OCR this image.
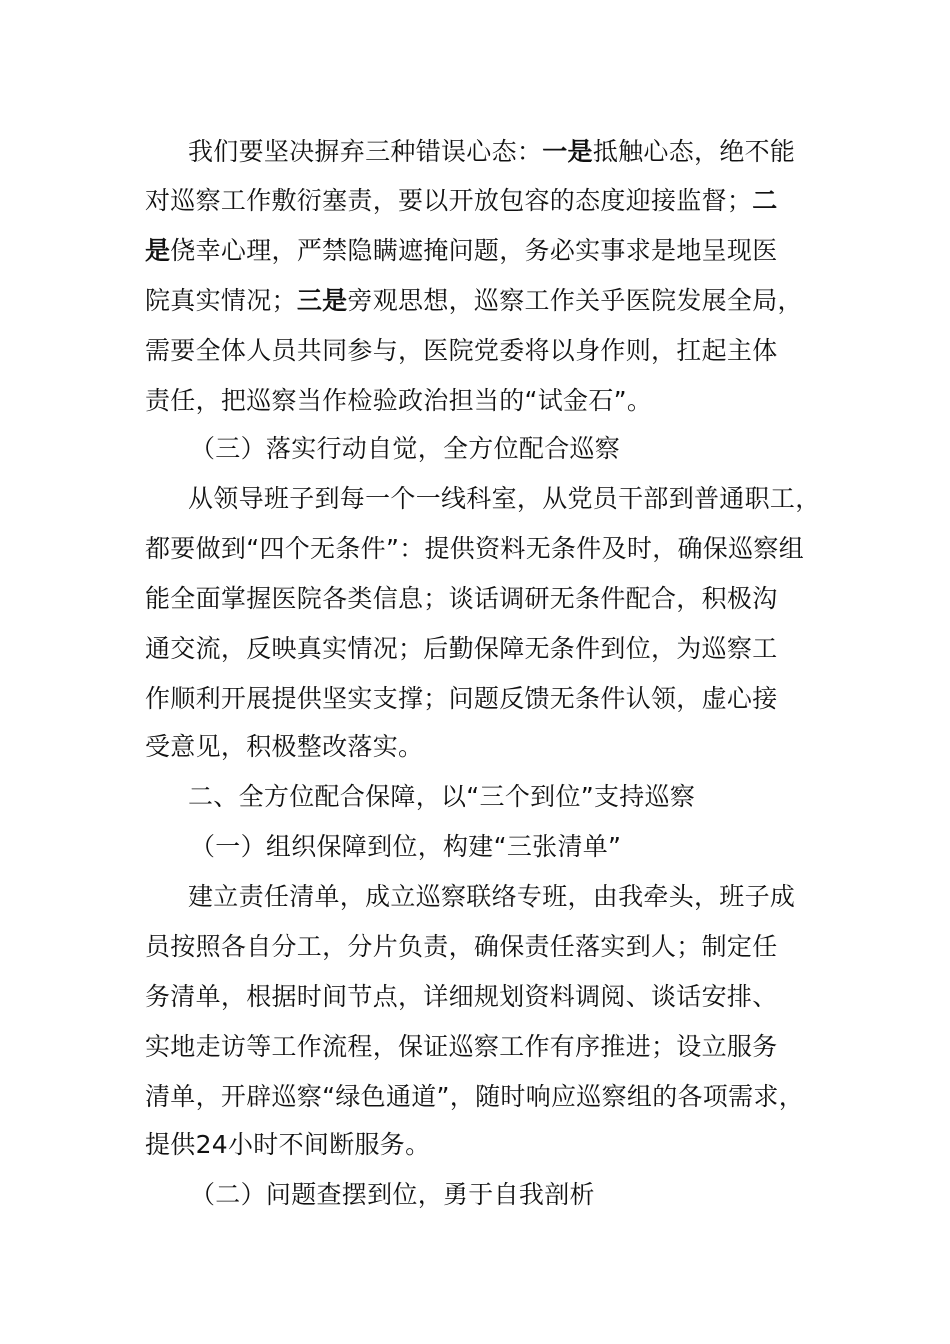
我们要坚决摒弃三种错误心态：一是抵触心态，绝不能
对巡察工作敷衍塞责，要以开放包容的态度迎接监督；二
是侥幸心理，严禁隐瞒遮掩问题，务必实事求是地呈现医
院真实情况；三是旁观思想，巡察工作关乎医院发展全局，
需要全体人员共同参与，医院党委将以身作则，扛起主体
责任，把巡察当作检验政治担当的“试金石”。
（三）落实行动自觉，全方位配合巡察
从领导班子到每一个一线科室，从党员干部到普通职工，
都要做到“四个无条件”：提供资料无条件及时，确保巡察组
能全面掌握医院各类信息；谈话调研无条件配合，积极沟
通交流，反映真实情况；后勤保障无条件到位，为巡察工
作顺利开展提供坚实支撑；问题反馈无条件认领，虚心接
受意见，积极整改落实。
二、全方位配合保障，以“三个到位”支持巡察
（一）组织保障到位，构建“三张清单”
建立责任清单，成立巡察联络专班，由我牵头，班子成
员按照各自分工，分片负责，确保责任落实到人；制定任
务清单，根据时间节点，详细规划资料调阅、谈话安排、
实地走访等工作流程，保证巡察工作有序推进；设立服务
清单，开辟巡察“绿色通道”，随时响应巡察组的各项需求，
提供24小时不间断服务。
（二）问题查摆到位，勇于自我剖析
